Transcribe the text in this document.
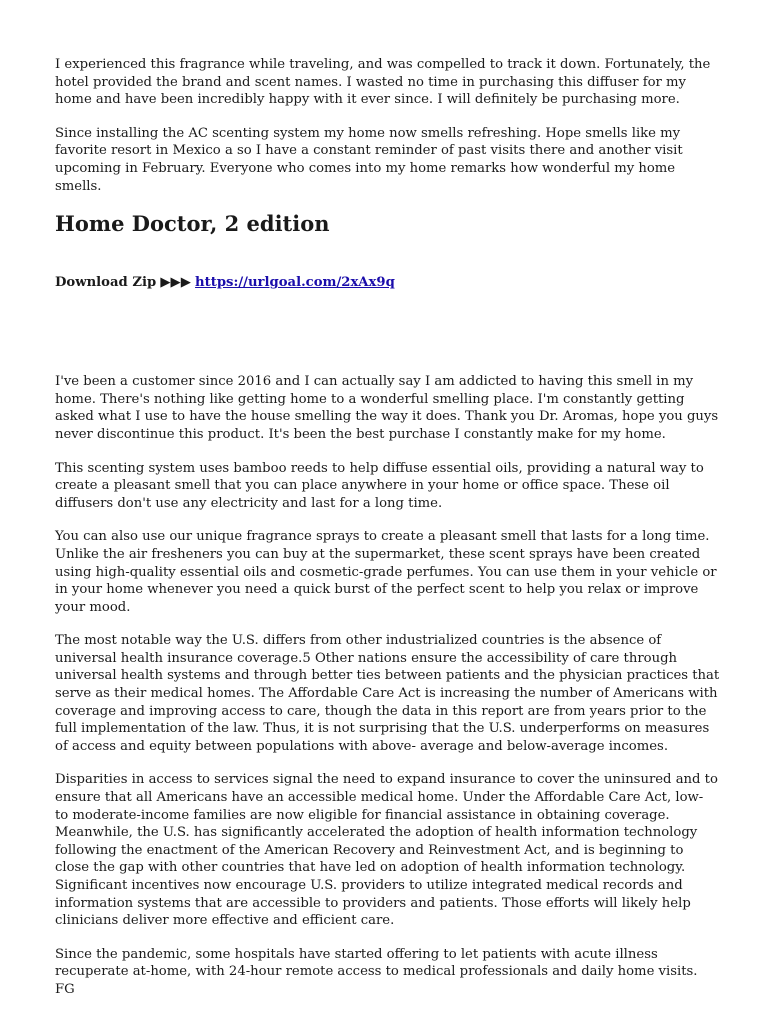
I experienced this fragrance while traveling, and was compelled to track it down. Fortunately, the hotel provided the brand and scent names. I wasted no time in purchasing this diffuser for my home and have been incredibly happy with it ever since. I will definitely be purchasing more.

Since installing the AC scenting system my home now smells refreshing. Hope smells like my favorite resort in Mexico a so I have a constant reminder of past visits there and another visit upcoming in February. Everyone who comes into my home remarks how wonderful my home smells.

Home Doctor, 2 edition
Download Zip ▶▶▶ https://urlgoal.com/2xAx9q

I've been a customer since 2016 and I can actually say I am addicted to having this smell in my home. There's nothing like getting home to a wonderful smelling place. I'm constantly getting asked what I use to have the house smelling the way it does. Thank you Dr. Aromas, hope you guys never discontinue this product. It's been the best purchase I constantly make for my home.

This scenting system uses bamboo reeds to help diffuse essential oils, providing a natural way to create a pleasant smell that you can place anywhere in your home or office space. These oil diffusers don't use any electricity and last for a long time.

You can also use our unique fragrance sprays to create a pleasant smell that lasts for a long time. Unlike the air fresheners you can buy at the supermarket, these scent sprays have been created using high-quality essential oils and cosmetic-grade perfumes. You can use them in your vehicle or in your home whenever you need a quick burst of the perfect scent to help you relax or improve your mood.

The most notable way the U.S. differs from other industrialized countries is the absence of universal health insurance coverage.5 Other nations ensure the accessibility of care through universal health systems and through better ties between patients and the physician practices that serve as their medical homes. The Affordable Care Act is increasing the number of Americans with coverage and improving access to care, though the data in this report are from years prior to the full implementation of the law. Thus, it is not surprising that the U.S. underperforms on measures of access and equity between populations with above- average and below-average incomes.

Disparities in access to services signal the need to expand insurance to cover the uninsured and to ensure that all Americans have an accessible medical home. Under the Affordable Care Act, low- to moderate-income families are now eligible for financial assistance in obtaining coverage. Meanwhile, the U.S. has significantly accelerated the adoption of health information technology following the enactment of the American Recovery and Reinvestment Act, and is beginning to close the gap with other countries that have led on adoption of health information technology. Significant incentives now encourage U.S. providers to utilize integrated medical records and information systems that are accessible to providers and patients. Those efforts will likely help clinicians deliver more effective and efficient care.

Since the pandemic, some hospitals have started offering to let patients with acute illness recuperate at-home, with 24-hour remote access to medical professionals and daily home visits. FG
